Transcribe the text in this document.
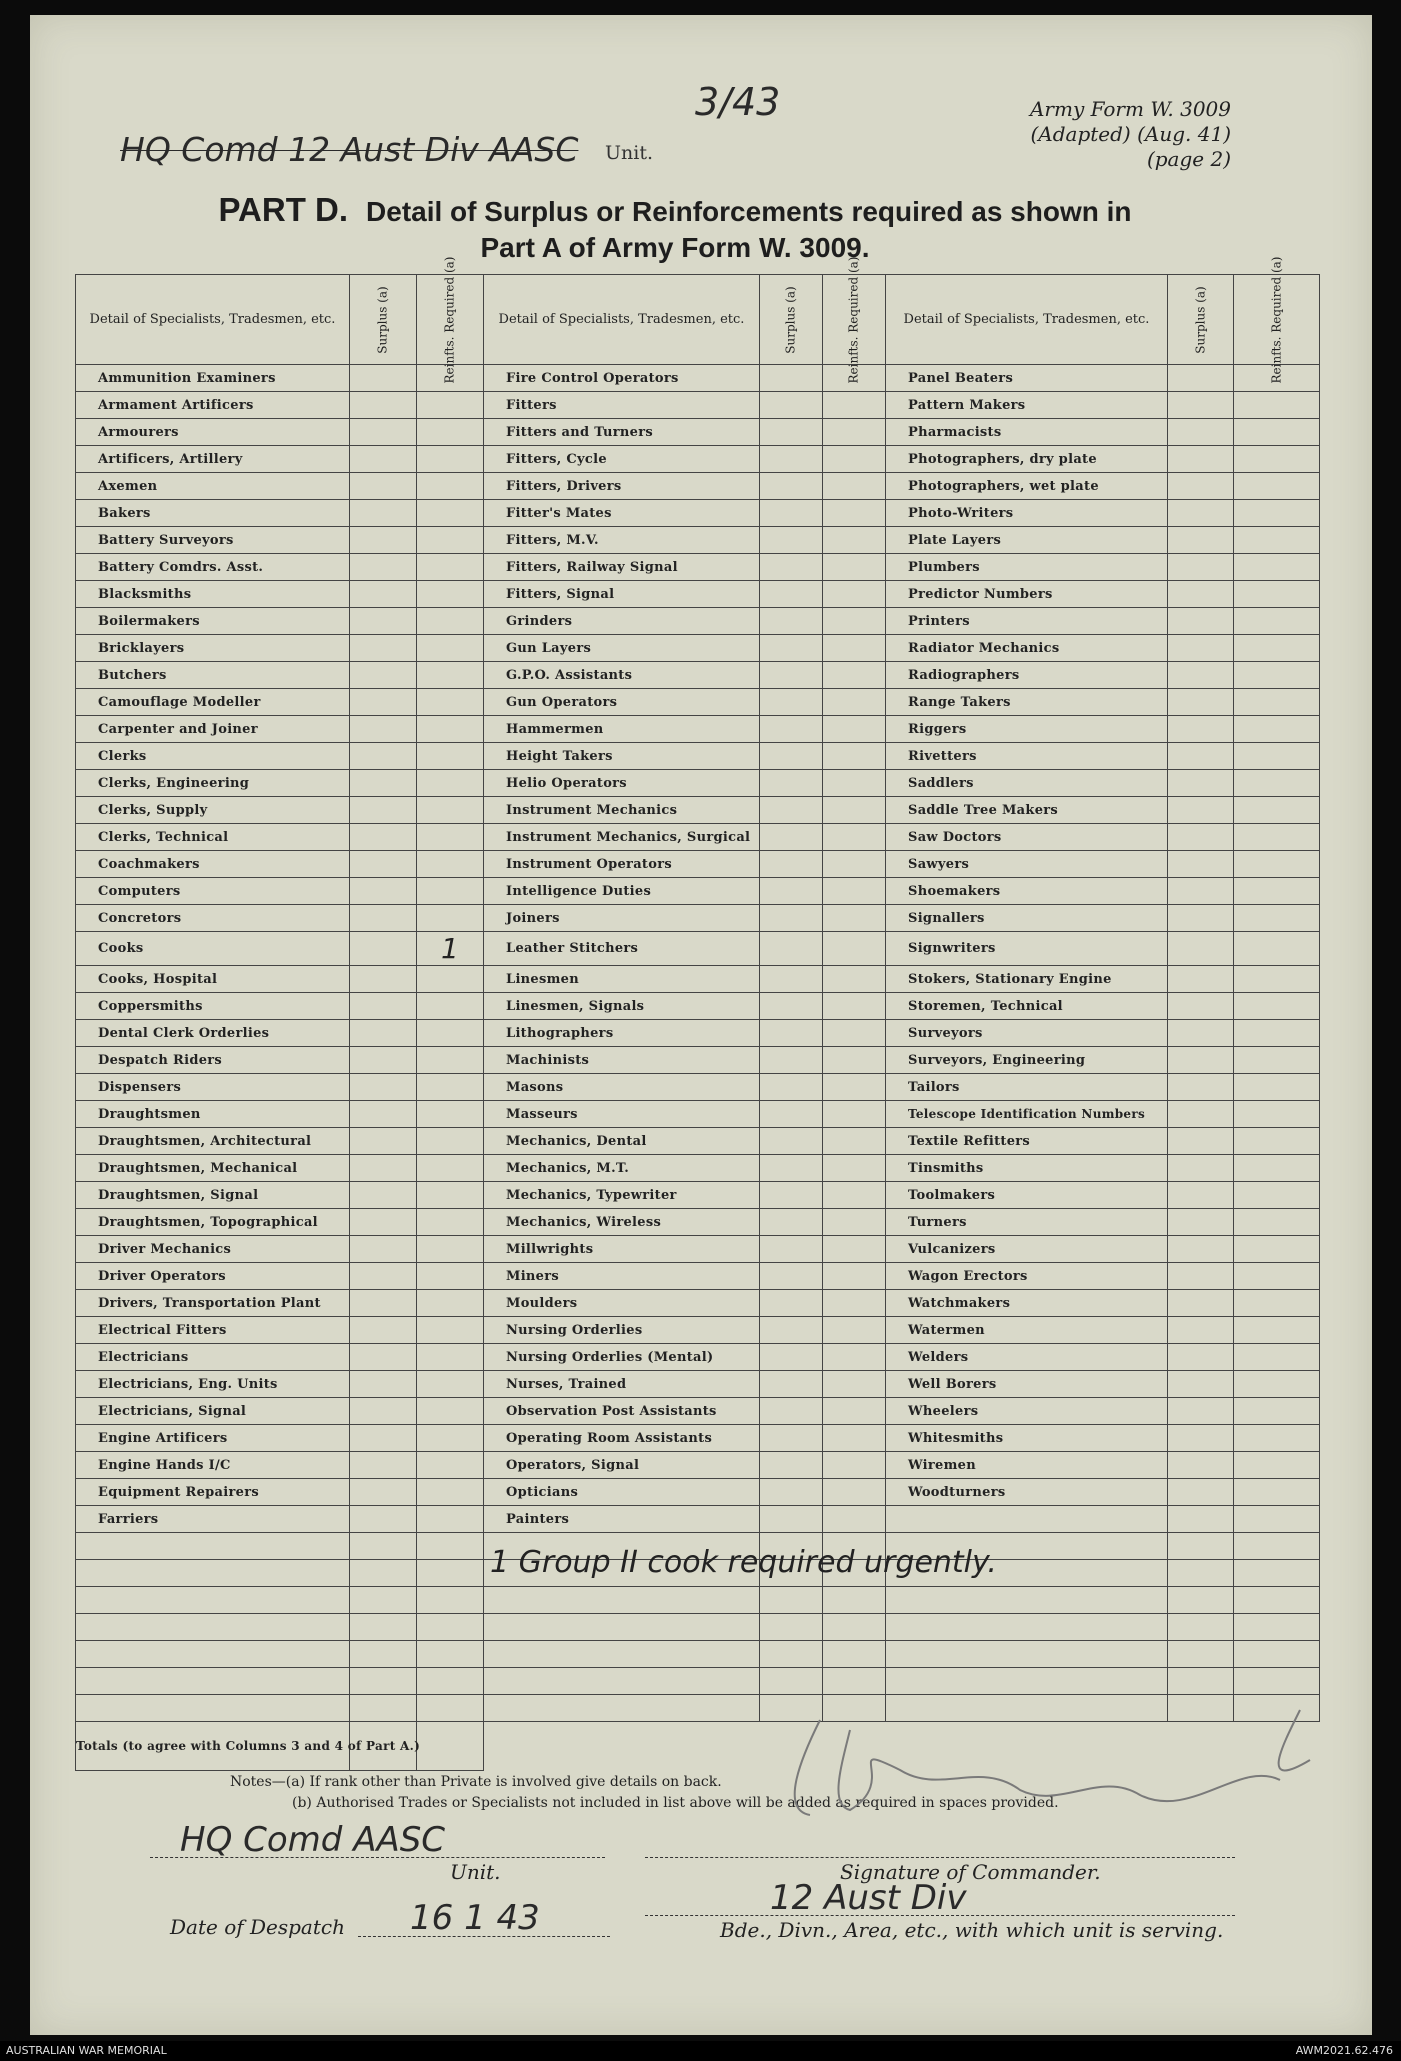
3/43
HQ Comd 12 Aust Div AASC Unit.
Army Form W. 3009
(Adapted) (Aug. 41)
(page 2)
PART D. Detail of Surplus or Reinforcements required as shown in
Part A of Army Form W. 3009.
Detail of Specialists, Tradesmen, etc.	Surplus (a)	Reinfts. Required (a)	Detail of Specialists, Tradesmen, etc.	Surplus (a)	Reinfts. Required (a)	Detail of Specialists, Tradesmen, etc.	Surplus (a)	Reinfts. Required (a)

Ammunition Examiners			Fire Control Operators			Panel Beaters		
Armament Artificers			Fitters			Pattern Makers		
Armourers			Fitters and Turners			Pharmacists		
Artificers, Artillery			Fitters, Cycle			Photographers, dry plate		
Axemen			Fitters, Drivers			Photographers, wet plate		
Bakers			Fitter's Mates			Photo-Writers		
Battery Surveyors			Fitters, M.V.			Plate Layers		
Battery Comdrs. Asst.			Fitters, Railway Signal			Plumbers		
Blacksmiths			Fitters, Signal			Predictor Numbers		
Boilermakers			Grinders			Printers		
Bricklayers			Gun Layers			Radiator Mechanics		
Butchers			G.P.O. Assistants			Radiographers		
Camouflage Modeller			Gun Operators			Range Takers		
Carpenter and Joiner			Hammermen			Riggers		
Clerks			Height Takers			Rivetters		
Clerks, Engineering			Helio Operators			Saddlers		
Clerks, Supply			Instrument Mechanics			Saddle Tree Makers		
Clerks, Technical			Instrument Mechanics, Surgical			Saw Doctors		
Coachmakers			Instrument Operators			Sawyers		
Computers			Intelligence Duties			Shoemakers		
Concretors			Joiners			Signallers		
Cooks		1	Leather Stitchers			Signwriters		
Cooks, Hospital			Linesmen			Stokers, Stationary Engine		
Coppersmiths			Linesmen, Signals			Storemen, Technical		
Dental Clerk Orderlies			Lithographers			Surveyors		
Despatch Riders			Machinists			Surveyors, Engineering		
Dispensers			Masons			Tailors		
Draughtsmen			Masseurs			Telescope Identification Numbers		
Draughtsmen, Architectural			Mechanics, Dental			Textile Refitters		
Draughtsmen, Mechanical			Mechanics, M.T.			Tinsmiths		
Draughtsmen, Signal			Mechanics, Typewriter			Toolmakers		
Draughtsmen, Topographical			Mechanics, Wireless			Turners		
Driver Mechanics			Millwrights			Vulcanizers		
Driver Operators			Miners			Wagon Erectors		
Drivers, Transportation Plant			Moulders			Watchmakers		
Electrical Fitters			Nursing Orderlies			Watermen		
Electricians			Nursing Orderlies (Mental)			Welders		
Electricians, Eng. Units			Nurses, Trained			Well Borers		
Electricians, Signal			Observation Post Assistants			Wheelers		
Engine Artificers			Operating Room Assistants			Whitesmiths		
Engine Hands I/C			Operators, Signal			Wiremen		
Equipment Repairers			Opticians			Woodturners		
Farriers			Painters					

Totals (to agree with Columns 3 and 4 of Part A.)								
1 Group II cook required urgently.
Notes—(a) If rank other than Private is involved give details on back.
(b) Authorised Trades or Specialists not included in list above will be added as required in spaces provided.
HQ Comd AASC
Unit.	Signature of Commander.
Date of Despatch 16 1 43	12 Aust Div
Bde., Divn., Area, etc., with which unit is serving.
AUSTRALIAN WAR MEMORIAL	AWM2021.62.476
